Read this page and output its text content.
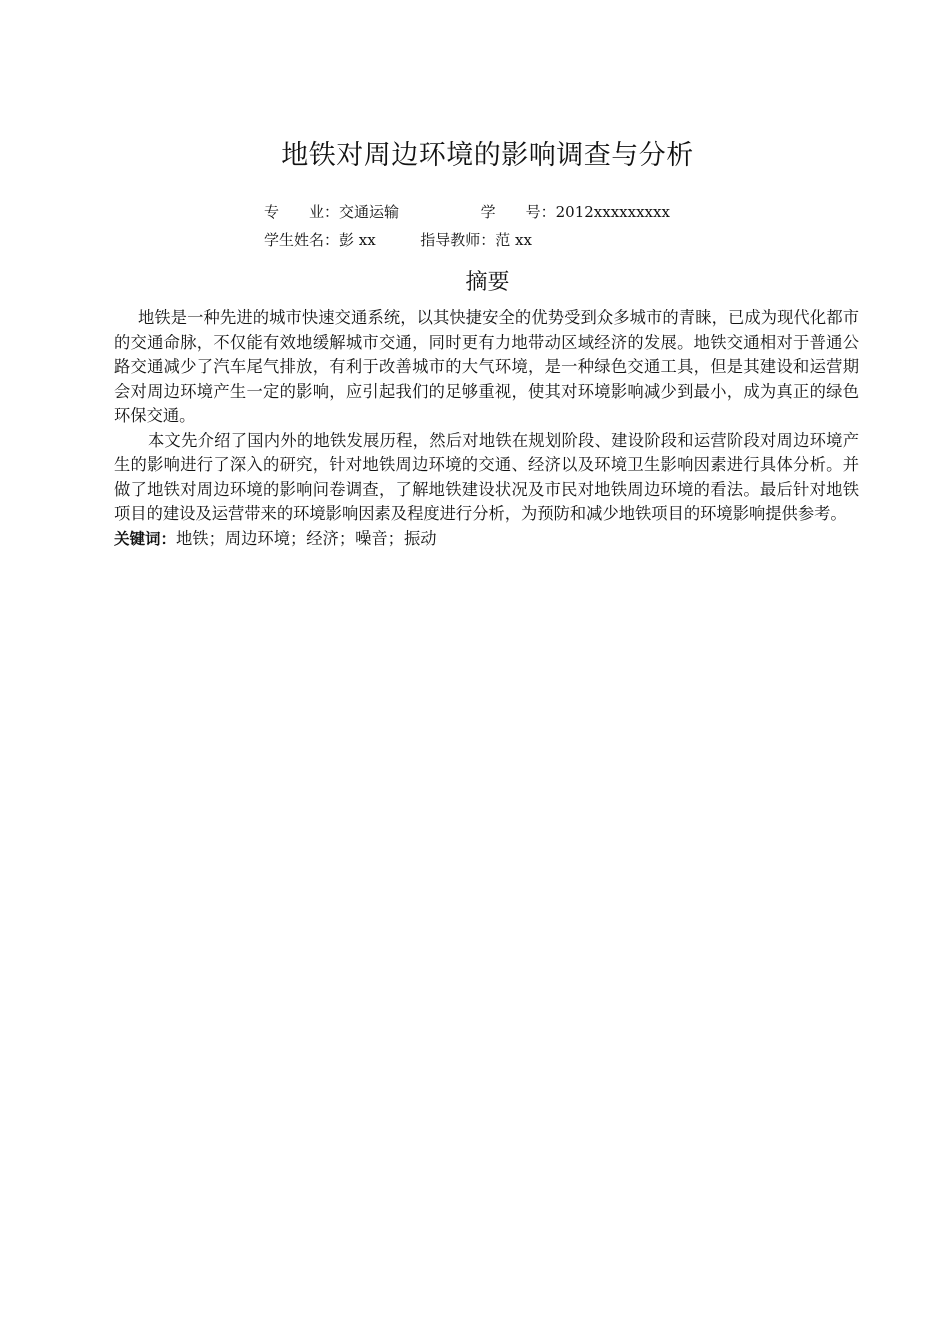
地铁对周边环境的影响调查与分析
专　　业：交通运输	学　　号：2012xxxxxxxxx
学生姓名：彭 xx	指导教师：范 xx
摘要

地铁是一种先进的城市快速交通系统，以其快捷安全的优势受到众多城市的青睐，已成为现代化都市的交通命脉，不仅能有效地缓解城市交通，同时更有力地带动区域经济的发展。地铁交通相对于普通公路交通减少了汽车尾气排放，有利于改善城市的大气环境，是一种绿色交通工具，但是其建设和运营期会对周边环境产生一定的影响，应引起我们的足够重视，使其对环境影响减少到最小，成为真正的绿色环保交通。

本文先介绍了国内外的地铁发展历程，然后对地铁在规划阶段、建设阶段和运营阶段对周边环境产生的影响进行了深入的研究，针对地铁周边环境的交通、经济以及环境卫生影响因素进行具体分析。并做了地铁对周边环境的影响问卷调查，了解地铁建设状况及市民对地铁周边环境的看法。最后针对地铁项目的建设及运营带来的环境影响因素及程度进行分析，为预防和减少地铁项目的环境影响提供参考。

关键词：地铁；周边环境；经济；噪音；振动
